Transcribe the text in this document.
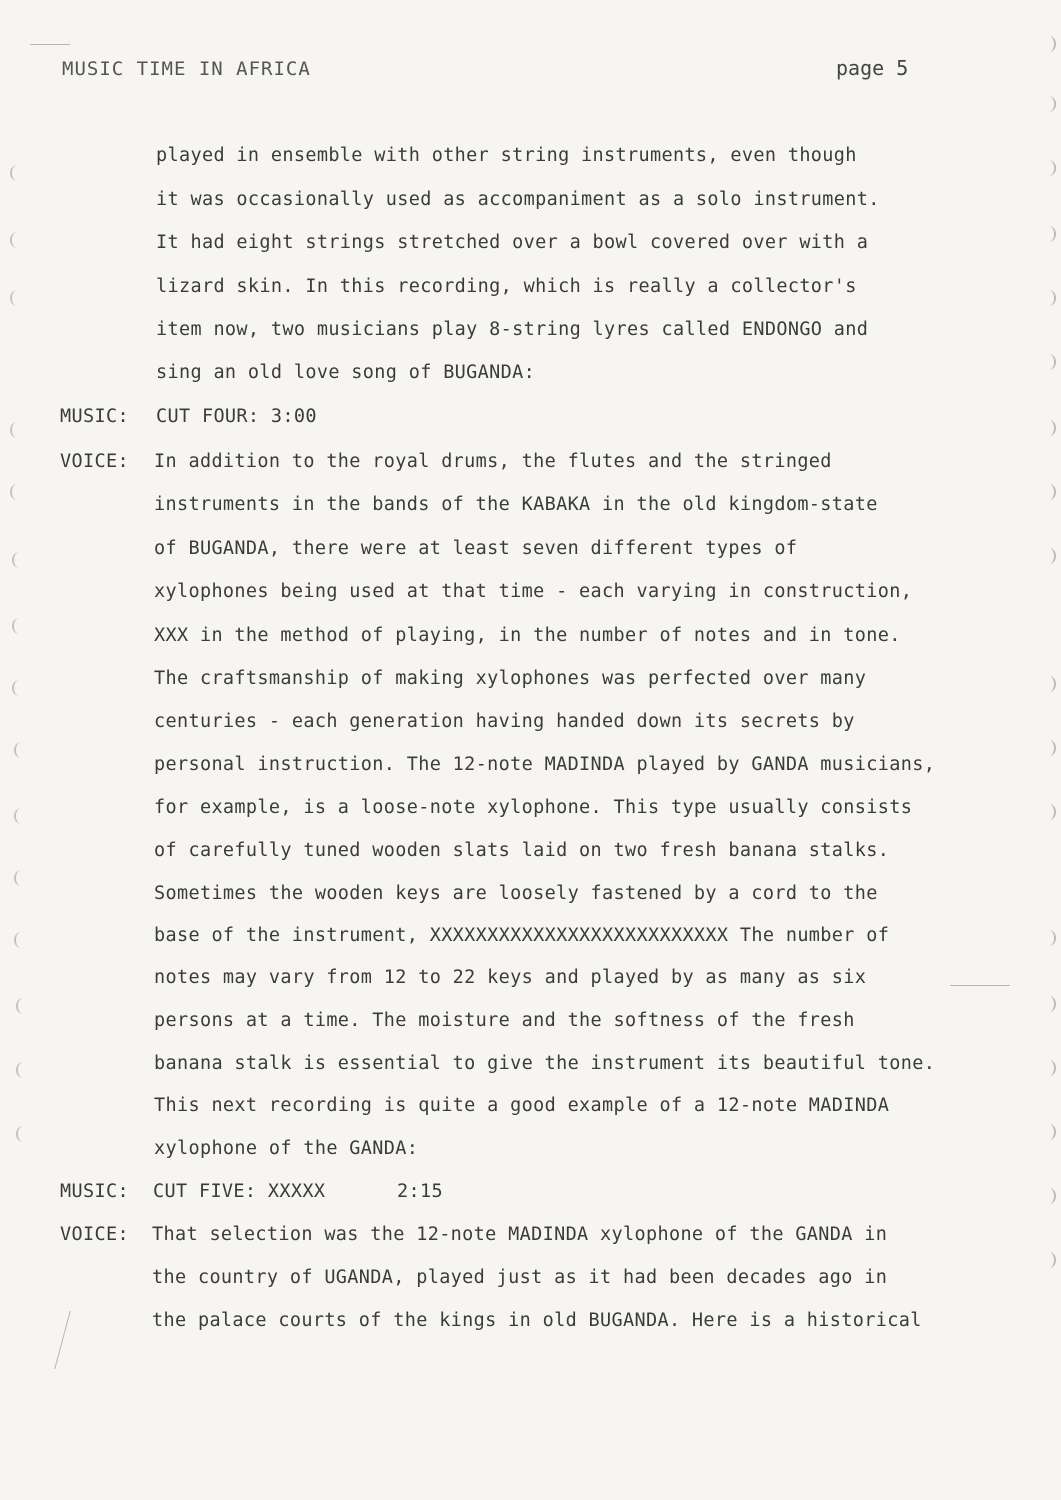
MUSIC TIME IN AFRICA	page 5
played in ensemble with other string instruments, even though
it was occasionally used as accompaniment as a solo instrument.
It had eight strings stretched over a bowl covered over with a
lizard skin. In this recording, which is really a collector's
item now, two musicians play 8-string lyres called ENDONGO and
sing an old love song of BUGANDA:
MUSIC: CUT FOUR: 3:00
VOICE: In addition to the royal drums, the flutes and the stringed
instruments in the bands of the KABAKA in the old kingdom-state
of BUGANDA, there were at least seven different types of
xylophones being used at that time - each varying in construction,
XXX in the method of playing, in the number of notes and in tone.
The craftsmanship of making xylophones was perfected over many
centuries - each generation having handed down its secrets by
personal instruction. The 12-note MADINDA played by GANDA musicians,
for example, is a loose-note xylophone. This type usually consists
of carefully tuned wooden slats laid on two fresh banana stalks.
Sometimes the wooden keys are loosely fastened by a cord to the
base of the instrument, XXXXXXXXXXXXXXXXXXXXXXXXXX The number of
notes may vary from 12 to 22 keys and played by as many as six
persons at a time. The moisture and the softness of the fresh
banana stalk is essential to give the instrument its beautiful tone.
This next recording is quite a good example of a 12-note MADINDA
xylophone of the GANDA:
MUSIC: CUT FIVE: XXXXX	2:15
VOICE: That selection was the 12-note MADINDA xylophone of the GANDA in
the country of UGANDA, played just as it had been decades ago in
the palace courts of the kings in old BUGANDA. Here is a historical
